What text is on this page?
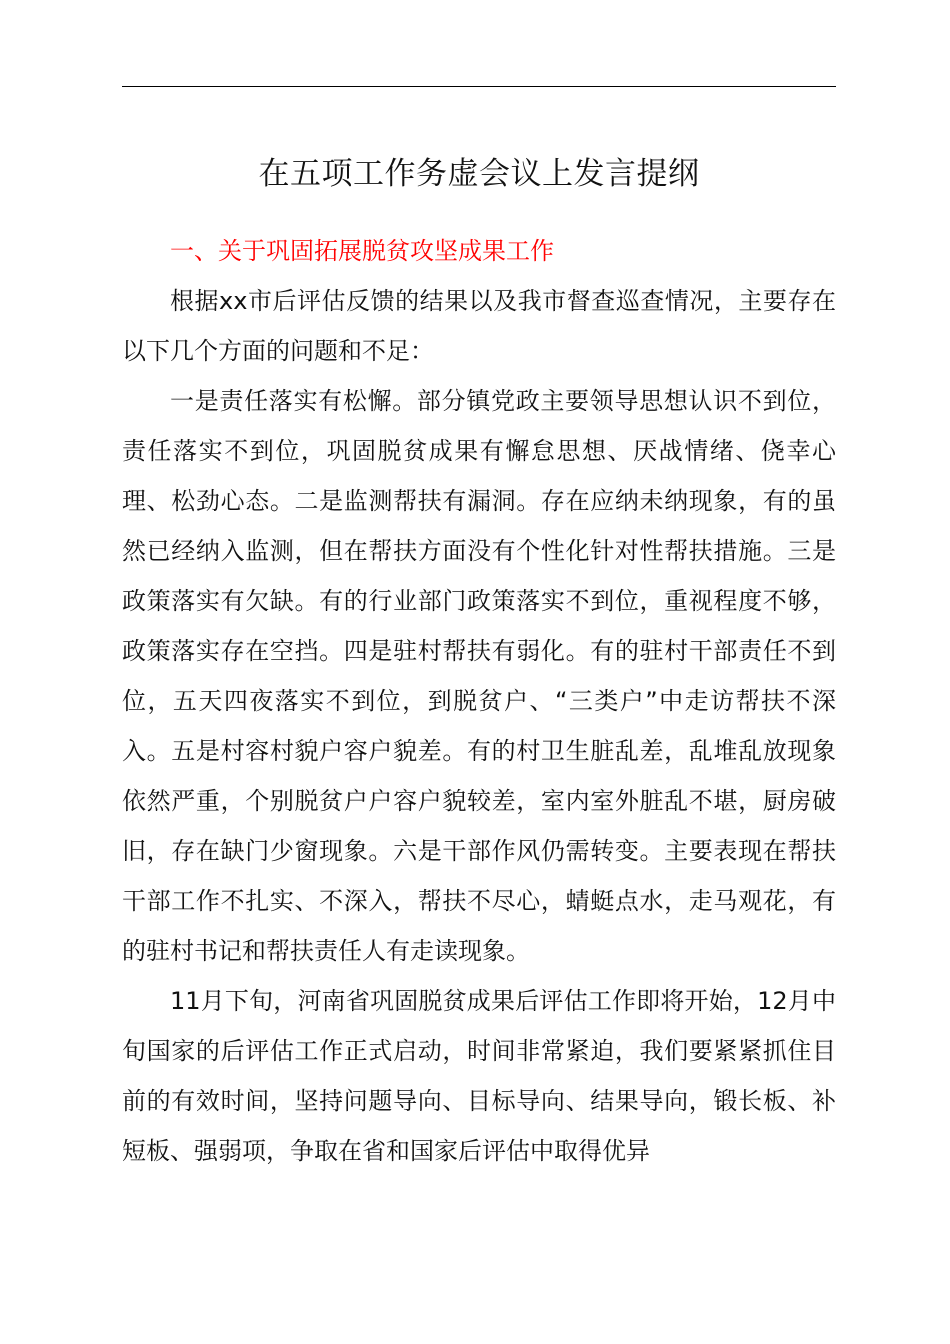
在五项工作务虚会议上发言提纲
一、关于巩固拓展脱贫攻坚成果工作

根据xx市后评估反馈的结果以及我市督查巡查情况，主要存在以下几个方面的问题和不足：

一是责任落实有松懈。部分镇党政主要领导思想认识不到位，责任落实不到位，巩固脱贫成果有懈怠思想、厌战情绪、侥幸心理、松劲心态。二是监测帮扶有漏洞。存在应纳未纳现象，有的虽然已经纳入监测，但在帮扶方面没有个性化针对性帮扶措施。三是政策落实有欠缺。有的行业部门政策落实不到位，重视程度不够，政策落实存在空挡。四是驻村帮扶有弱化。有的驻村干部责任不到位，五天四夜落实不到位，到脱贫户、“三类户”中走访帮扶不深入。五是村容村貌户容户貌差。有的村卫生脏乱差，乱堆乱放现象依然严重，个别脱贫户户容户貌较差，室内室外脏乱不堪，厨房破旧，存在缺门少窗现象。六是干部作风仍需转变。主要表现在帮扶干部工作不扎实、不深入，帮扶不尽心，蜻蜓点水，走马观花，有的驻村书记和帮扶责任人有走读现象。

11月下旬，河南省巩固脱贫成果后评估工作即将开始，12月中旬国家的后评估工作正式启动，时间非常紧迫，我们要紧紧抓住目前的有效时间，坚持问题导向、目标导向、结果导向，锻长板、补短板、强弱项，争取在省和国家后评估中取得优异
